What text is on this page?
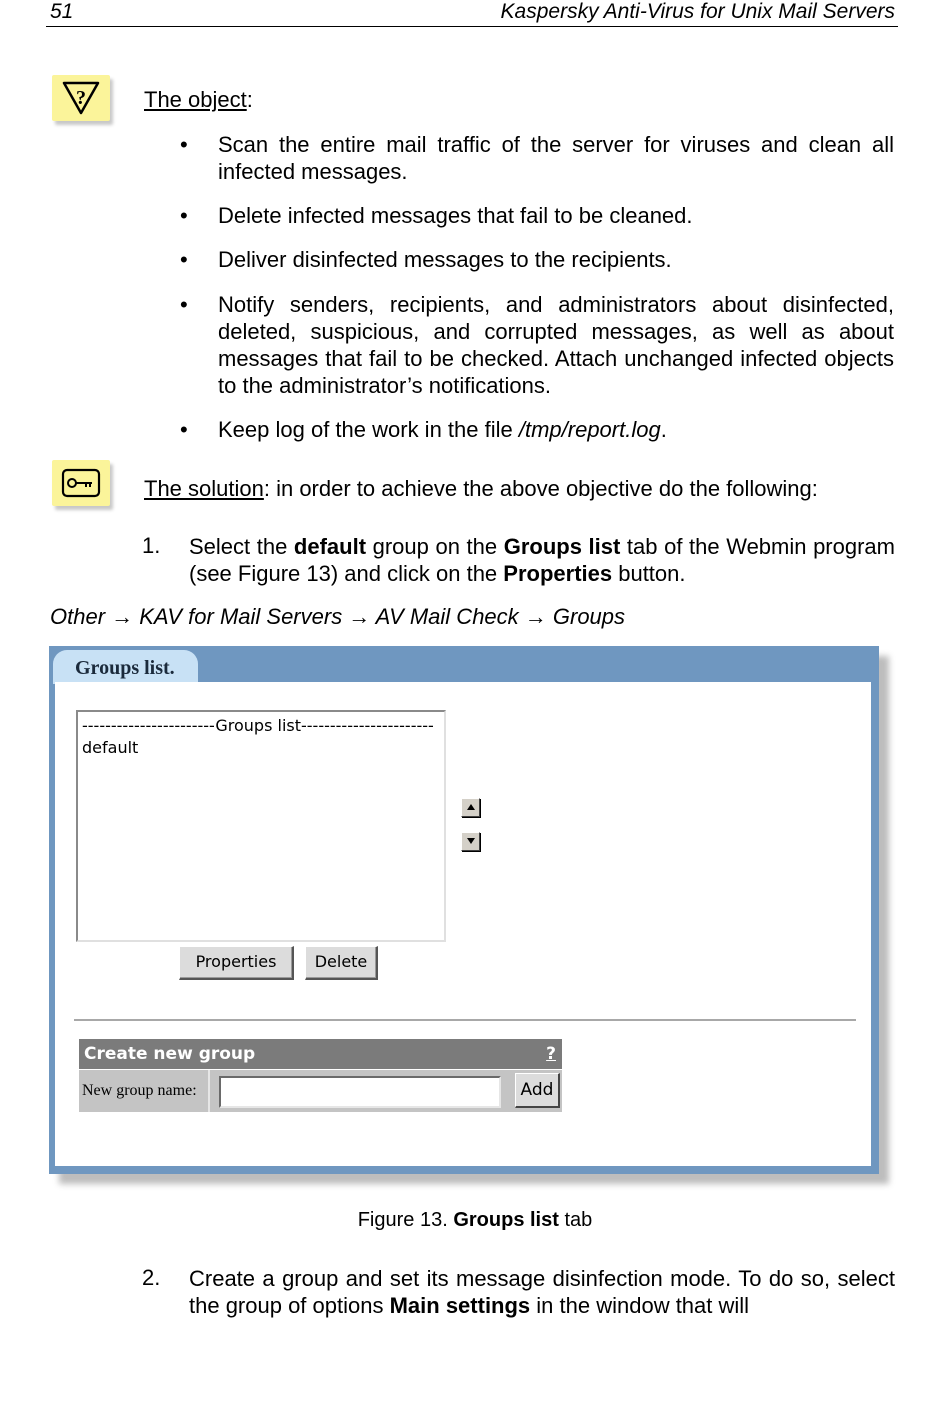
51	Kaspersky Anti-Virus for Unix Mail Servers
?	The object:
• Scan the entire mail traffic of the server for viruses and clean all infected messages.
• Delete infected messages that fail to be cleaned.
• Deliver disinfected messages to the recipients.
• Notify senders, recipients, and administrators about disinfected, deleted, suspicious, and corrupted messages, as well as about messages that fail to be checked. Attach unchanged infected objects to the administrator’s notifications.
• Keep log of the work in the file /tmp/report.log.
The solution: in order to achieve the above objective do the following:
1. Select the default group on the Groups list tab of the Webmin program (see Figure 13) and click on the Properties button.
Other → KAV for Mail Servers → AV Mail Check → Groups
Groups list.
-----------------------Groups list-----------------------
default
Properties	Delete
Create new group	?
New group name:	Add
Figure 13. Groups list tab
2. Create a group and set its message disinfection mode. To do so, select the group of options Main settings in the window that will
